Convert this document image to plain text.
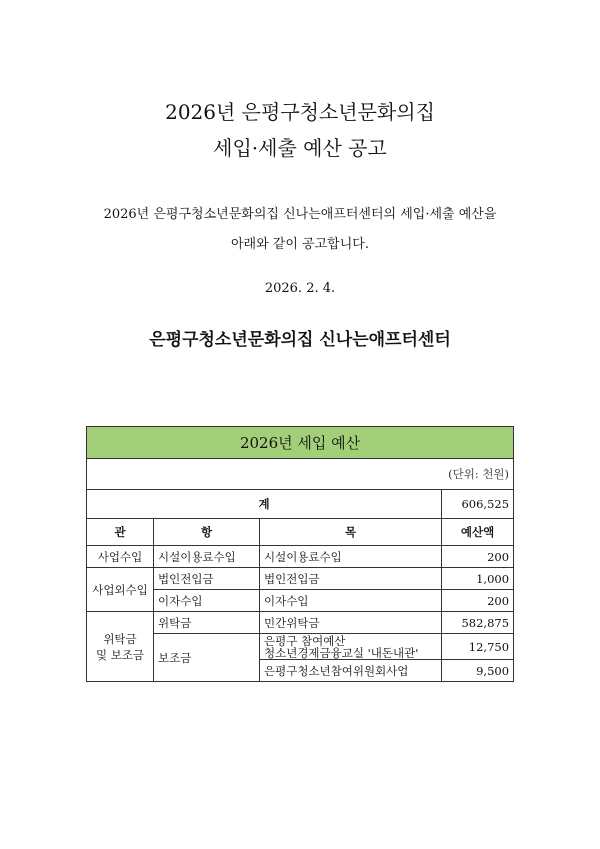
2026년 은평구청소년문화의집
세입·세출 예산 공고
2026년 은평구청소년문화의집 신나는애프터센터의 세입·세출 예산을
아래와 같이 공고합니다.
2026. 2. 4.
은평구청소년문화의집 신나는애프터센터
2026년 세입 예산			
(단위: 천원)			
계			606,525
관	항	목	예산액
사업수입	시설이용료수입	시설이용료수입	200
사업외수입	법인전입금	법인전입금	1,000
	이자수입	이자수입	200

위탁금
및 보조금	위탁금	민간위탁금	582,875
	보조금	은평구 참여예산
청소년경제금융교실 '내돈내관'	12,750
		은평구청소년참여위원회사업	9,500
